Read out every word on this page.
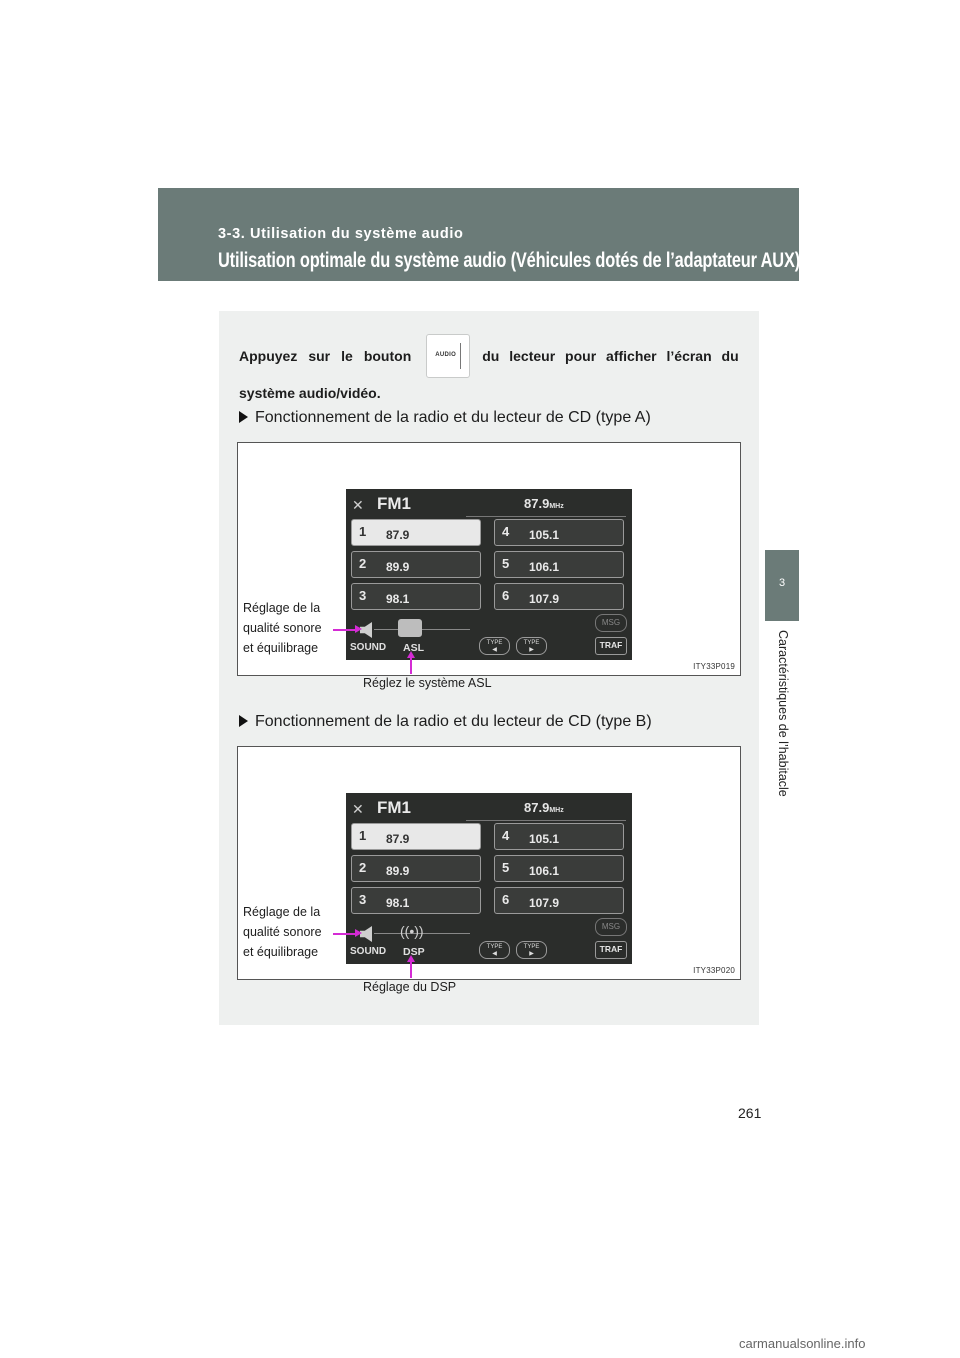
3-3. Utilisation du système audio
Utilisation optimale du système audio (Véhicules dotés de l’adaptateur AUX)
3
Caractéristiques de l’habitacle
Appuyez sur le bouton	AUDIO du lecteur pour afficher l’écran du
système audio/vidéo.
Fonctionnement de la radio et du lecteur de CD (type A)
✕ FM1	87.9MHz
1 87.9	4 105.1
2 89.9	5 106.1
3 98.1	6 107.9
SOUND ASL	TYPE
◀
TYPE
▶
MSG
TRAF
Réglage de la
qualité sonore
et équilibrage
Réglez le système ASL
ITY33P019
Fonctionnement de la radio et du lecteur de CD (type B)
✕ FM1	87.9MHz
1 87.9	4 105.1
2 89.9	5 106.1
3 98.1	6 107.9
((•))
SOUND DSP	TYPE
◀
TYPE
▶
MSG
TRAF
Réglage de la
qualité sonore
et équilibrage
Réglage du DSP
ITY33P020
261
carmanualsonline.info
